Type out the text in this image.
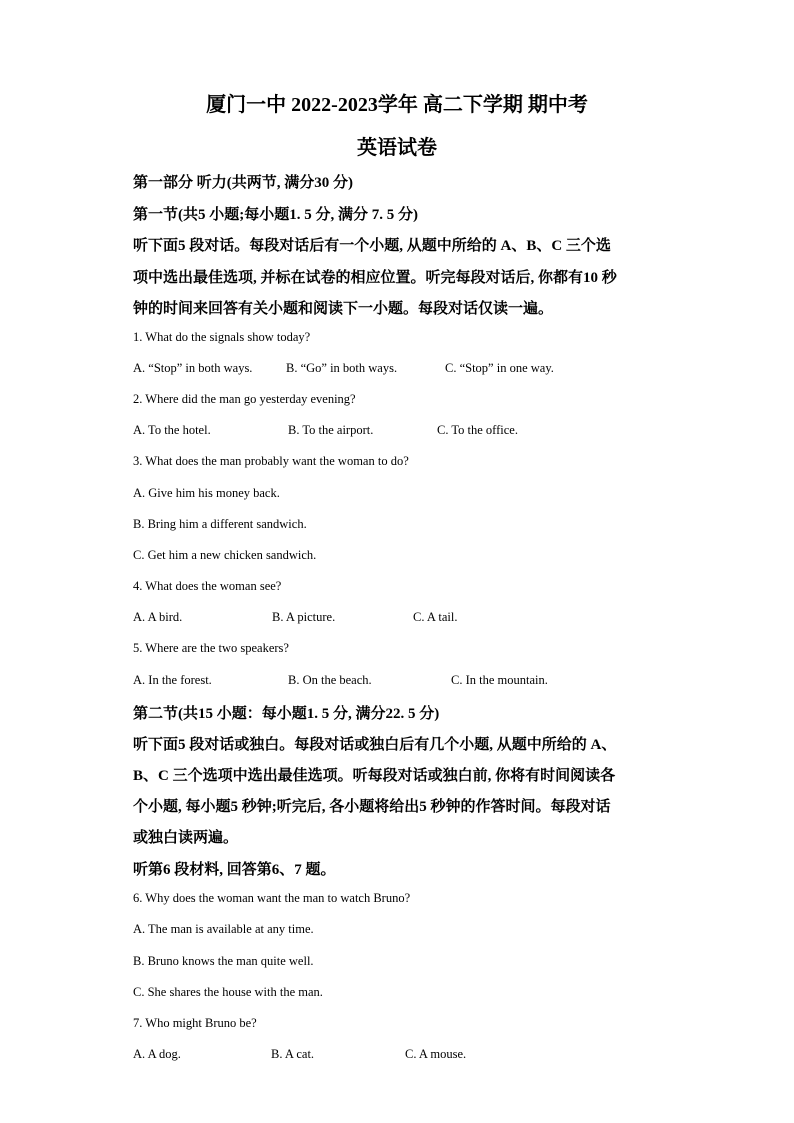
厦门一中 2022-2023学年 高二下学期 期中考
英语试卷
第一部分 听力(共两节, 满分30 分)
第一节(共5 小题;每小题1. 5 分, 满分 7. 5 分)
听下面5 段对话。每段对话后有一个小题, 从题中所给的 A、B、C 三个选
项中选出最佳选项, 并标在试卷的相应位置。听完每段对话后, 你都有10 秒
钟的时间来回答有关小题和阅读下一小题。每段对话仅读一遍。
1. What do the signals show today?
A. “Stop” in both ways.	B. “Go” in both ways.	C. “Stop” in one way.
2. Where did the man go yesterday evening?
A. To the hotel.	B. To the airport.	C. To the office.
3. What does the man probably want the woman to do?
A. Give him his money back.
B. Bring him a different sandwich.
C. Get him a new chicken sandwich.
4. What does the woman see?
A. A bird.	B. A picture.	C. A tail.
5. Where are the two speakers?
A. In the forest.	B. On the beach.	C. In the mountain.
第二节(共15 小题：每小题1. 5 分, 满分22. 5 分)
听下面5 段对话或独白。每段对话或独白后有几个小题, 从题中所给的 A、
B、C 三个选项中选出最佳选项。听每段对话或独白前, 你将有时间阅读各
个小题, 每小题5 秒钟;听完后, 各小题将给出5 秒钟的作答时间。每段对话
或独白读两遍。
听第6 段材料, 回答第6、7 题。
6. Why does the woman want the man to watch Bruno?
A. The man is available at any time.
B. Bruno knows the man quite well.
C. She shares the house with the man.
7. Who might Bruno be?
A. A dog.	B. A cat.	C. A mouse.
